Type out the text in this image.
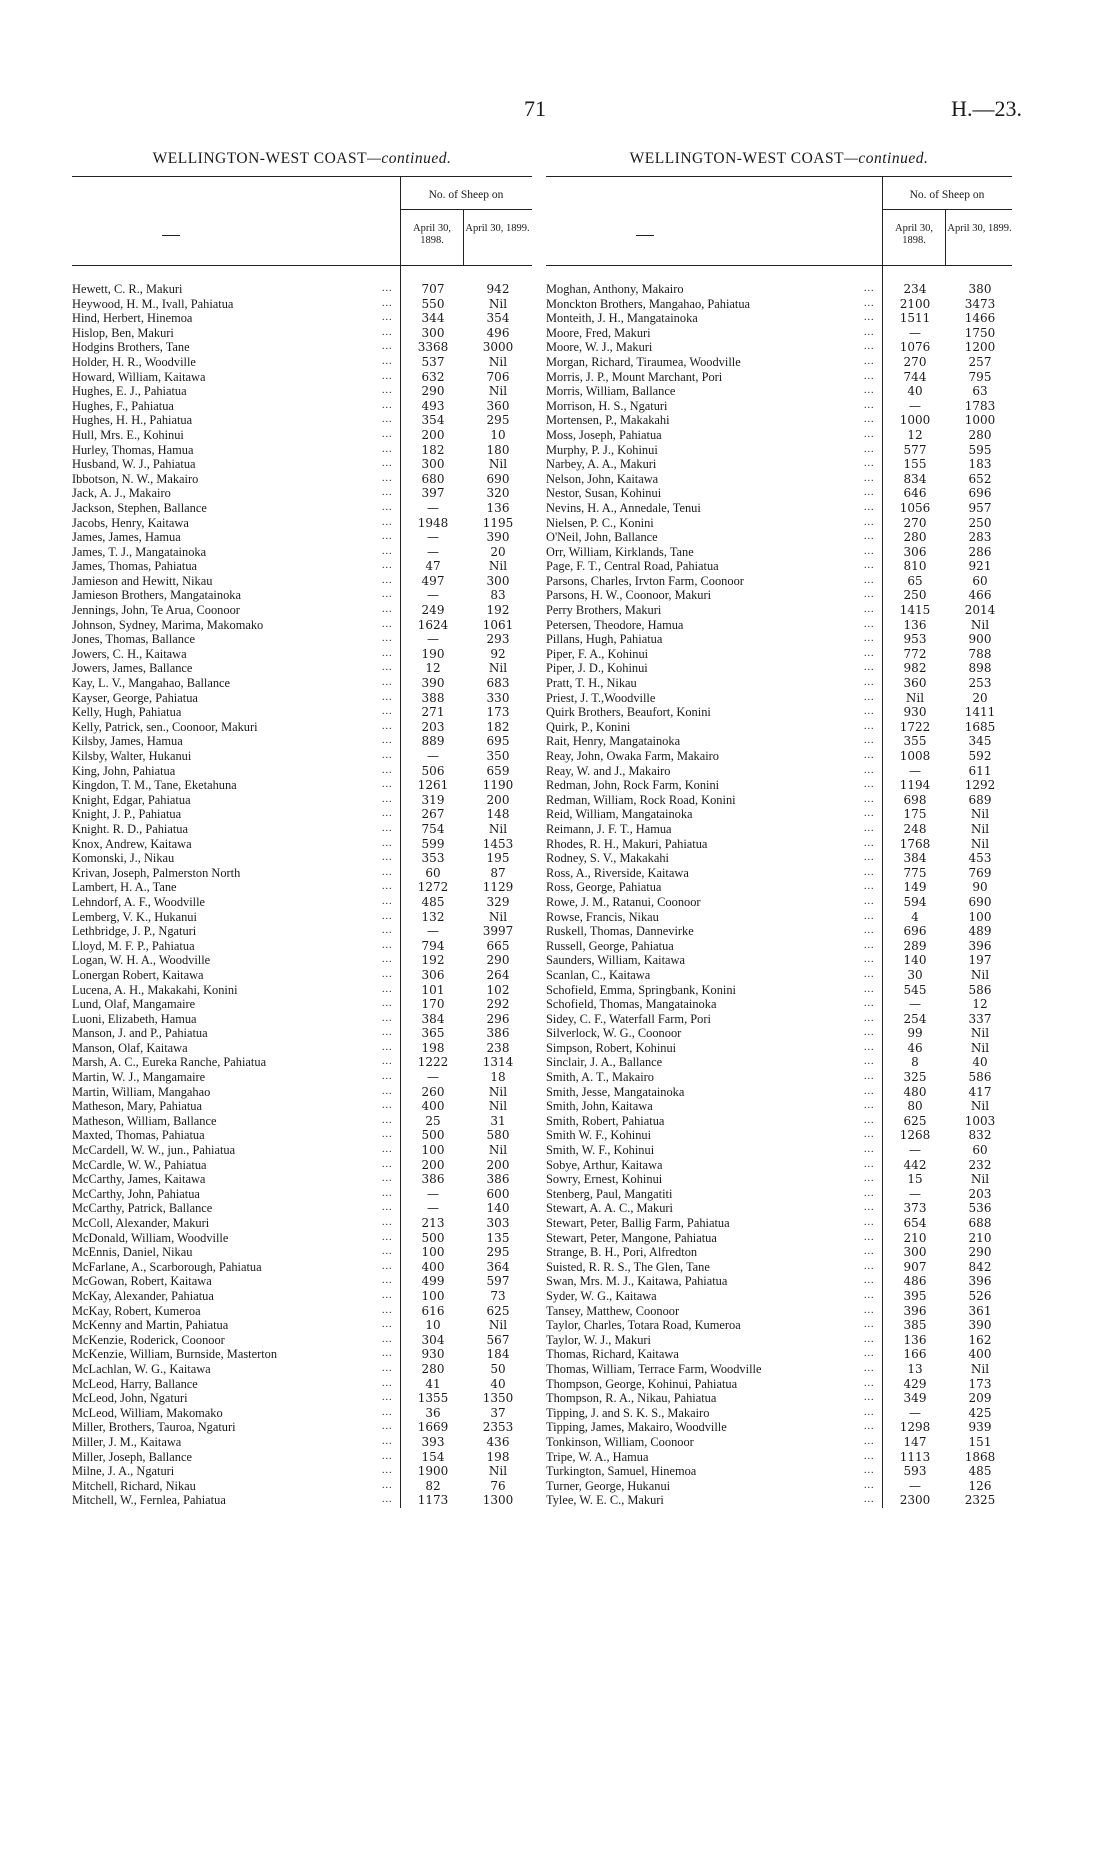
71	H.—23.
WELLINGTON-WEST COAST—continued.
No. of Sheep on
April 30, 1898.
April 30, 1899.
Hewett, C. R., Makuri	...	707	942
Heywood, H. M., Ivall, Pahiatua	...	550	Nil
Hind, Herbert, Hinemoa	...	344	354
Hislop, Ben, Makuri	...	300	496
Hodgins Brothers, Tane	...	3368	3000
Holder, H. R., Woodville	...	537	Nil
Howard, William, Kaitawa	...	632	706
Hughes, E. J., Pahiatua	...	290	Nil
Hughes, F., Pahiatua	...	493	360
Hughes, H. H., Pahiatua	...	354	295
Hull, Mrs. E., Kohinui	...	200	10
Hurley, Thomas, Hamua	...	182	180
Husband, W. J., Pahiatua	...	300	Nil
Ibbotson, N. W., Makairo	...	680	690
Jack, A. J., Makairo	...	397	320
Jackson, Stephen, Ballance	...	—	136
Jacobs, Henry, Kaitawa	...	1948	1195
James, James, Hamua	...	—	390
James, T. J., Mangatainoka	...	—	20
James, Thomas, Pahiatua	...	47	Nil
Jamieson and Hewitt, Nikau	...	497	300
Jamieson Brothers, Mangatainoka	...	—	83
Jennings, John, Te Arua, Coonoor	...	249	192
Johnson, Sydney, Marima, Makomako	...	1624	1061
Jones, Thomas, Ballance	...	—	293
Jowers, C. H., Kaitawa	...	190	92
Jowers, James, Ballance	...	12	Nil
Kay, L. V., Mangahao, Ballance	...	390	683
Kayser, George, Pahiatua	...	388	330
Kelly, Hugh, Pahiatua	...	271	173
Kelly, Patrick, sen., Coonoor, Makuri	...	203	182
Kilsby, James, Hamua	...	889	695
Kilsby, Walter, Hukanui	...	—	350
King, John, Pahiatua	...	506	659
Kingdon, T. M., Tane, Eketahuna	...	1261	1190
Knight, Edgar, Pahiatua	...	319	200
Knight, J. P., Pahiatua	...	267	148
Knight. R. D., Pahiatua	...	754	Nil
Knox, Andrew, Kaitawa	...	599	1453
Komonski, J., Nikau	...	353	195
Krivan, Joseph, Palmerston North	...	60	87
Lambert, H. A., Tane	...	1272	1129
Lehndorf, A. F., Woodville	...	485	329
Lemberg, V. K., Hukanui	...	132	Nil
Lethbridge, J. P., Ngaturi	...	—	3997
Lloyd, M. F. P., Pahiatua	...	794	665
Logan, W. H. A., Woodville	...	192	290
Lonergan Robert, Kaitawa	...	306	264
Lucena, A. H., Makakahi, Konini	...	101	102
Lund, Olaf, Mangamaire	...	170	292
Luoni, Elizabeth, Hamua	...	384	296
Manson, J. and P., Pahiatua	...	365	386
Manson, Olaf, Kaitawa	...	198	238
Marsh, A. C., Eureka Ranche, Pahiatua	...	1222	1314
Martin, W. J., Mangamaire	...	—	18
Martin, William, Mangahao	...	260	Nil
Matheson, Mary, Pahiatua	...	400	Nil
Matheson, William, Ballance	...	25	31
Maxted, Thomas, Pahiatua	...	500	580
McCardell, W. W., jun., Pahiatua	...	100	Nil
McCardle, W. W., Pahiatua	...	200	200
McCarthy, James, Kaitawa	...	386	386
McCarthy, John, Pahiatua	...	—	600
McCarthy, Patrick, Ballance	...	—	140
McColl, Alexander, Makuri	...	213	303
McDonald, William, Woodville	...	500	135
McEnnis, Daniel, Nikau	...	100	295
McFarlane, A., Scarborough, Pahiatua	...	400	364
McGowan, Robert, Kaitawa	...	499	597
McKay, Alexander, Pahiatua	...	100	73
McKay, Robert, Kumeroa	...	616	625
McKenny and Martin, Pahiatua	...	10	Nil
McKenzie, Roderick, Coonoor	...	304	567
McKenzie, William, Burnside, Masterton	...	930	184
McLachlan, W. G., Kaitawa	...	280	50
McLeod, Harry, Ballance	...	41	40
McLeod, John, Ngaturi	...	1355	1350
McLeod, William, Makomako	...	36	37
Miller, Brothers, Tauroa, Ngaturi	...	1669	2353
Miller, J. M., Kaitawa	...	393	436
Miller, Joseph, Ballance	...	154	198
Milne, J. A., Ngaturi	...	1900	Nil
Mitchell, Richard, Nikau	...	82	76
Mitchell, W., Fernlea, Pahiatua	...	1173	1300
WELLINGTON-WEST COAST—continued.
No. of Sheep on
April 30, 1898.
April 30, 1899.
Moghan, Anthony, Makairo	...	234	380
Monckton Brothers, Mangahao, Pahiatua	...	2100	3473
Monteith, J. H., Mangatainoka	...	1511	1466
Moore, Fred, Makuri	...	—	1750
Moore, W. J., Makuri	...	1076	1200
Morgan, Richard, Tiraumea, Woodville	...	270	257
Morris, J. P., Mount Marchant, Pori	...	744	795
Morris, William, Ballance	...	40	63
Morrison, H. S., Ngaturi	...	—	1783
Mortensen, P., Makakahi	...	1000	1000
Moss, Joseph, Pahiatua	...	12	280
Murphy, P. J., Kohinui	...	577	595
Narbey, A. A., Makuri	...	155	183
Nelson, John, Kaitawa	...	834	652
Nestor, Susan, Kohinui	...	646	696
Nevins, H. A., Annedale, Tenui	...	1056	957
Nielsen, P. C., Konini	...	270	250
O'Neil, John, Ballance	...	280	283
Orr, William, Kirklands, Tane	...	306	286
Page, F. T., Central Road, Pahiatua	...	810	921
Parsons, Charles, Irvton Farm, Coonoor	...	65	60
Parsons, H. W., Coonoor, Makuri	...	250	466
Perry Brothers, Makuri	...	1415	2014
Petersen, Theodore, Hamua	...	136	Nil
Pillans, Hugh, Pahiatua	...	953	900
Piper, F. A., Kohinui	...	772	788
Piper, J. D., Kohinui	...	982	898
Pratt, T. H., Nikau	...	360	253
Priest, J. T.,Woodville	...	Nil	20
Quirk Brothers, Beaufort, Konini	...	930	1411
Quirk, P., Konini	...	1722	1685
Rait, Henry, Mangatainoka	...	355	345
Reay, John, Owaka Farm, Makairo	...	1008	592
Reay, W. and J., Makairo	...	—	611
Redman, John, Rock Farm, Konini	...	1194	1292
Redman, William, Rock Road, Konini	...	698	689
Reid, William, Mangatainoka	...	175	Nil
Reimann, J. F. T., Hamua	...	248	Nil
Rhodes, R. H., Makuri, Pahiatua	...	1768	Nil
Rodney, S. V., Makakahi	...	384	453
Ross, A., Riverside, Kaitawa	...	775	769
Ross, George, Pahiatua	...	149	90
Rowe, J. M., Ratanui, Coonoor	...	594	690
Rowse, Francis, Nikau	...	4	100
Ruskell, Thomas, Dannevirke	...	696	489
Russell, George, Pahiatua	...	289	396
Saunders, William, Kaitawa	...	140	197
Scanlan, C., Kaitawa	...	30	Nil
Schofield, Emma, Springbank, Konini	...	545	586
Schofield, Thomas, Mangatainoka	...	—	12
Sidey, C. F., Waterfall Farm, Pori	...	254	337
Silverlock, W. G., Coonoor	...	99	Nil
Simpson, Robert, Kohinui	...	46	Nil
Sinclair, J. A., Ballance	...	8	40
Smith, A. T., Makairo	...	325	586
Smith, Jesse, Mangatainoka	...	480	417
Smith, John, Kaitawa	...	80	Nil
Smith, Robert, Pahiatua	...	625	1003
Smith W. F., Kohinui	...	1268	832
Smith, W. F., Kohinui	...	—	60
Sobye, Arthur, Kaitawa	...	442	232
Sowry, Ernest, Kohinui	...	15	Nil
Stenberg, Paul, Mangatiti	...	—	203
Stewart, A. A. C., Makuri	...	373	536
Stewart, Peter, Ballig Farm, Pahiatua	...	654	688
Stewart, Peter, Mangone, Pahiatua	...	210	210
Strange, B. H., Pori, Alfredton	...	300	290
Suisted, R. R. S., The Glen, Tane	...	907	842
Swan, Mrs. M. J., Kaitawa, Pahiatua	...	486	396
Syder, W. G., Kaitawa	...	395	526
Tansey, Matthew, Coonoor	...	396	361
Taylor, Charles, Totara Road, Kumeroa	...	385	390
Taylor, W. J., Makuri	...	136	162
Thomas, Richard, Kaitawa	...	166	400
Thomas, William, Terrace Farm, Woodville	...	13	Nil
Thompson, George, Kohinui, Pahiatua	...	429	173
Thompson, R. A., Nikau, Pahiatua	...	349	209
Tipping, J. and S. K. S., Makairo	...	—	425
Tipping, James, Makairo, Woodville	...	1298	939
Tonkinson, William, Coonoor	...	147	151
Tripe, W. A., Hamua	...	1113	1868
Turkington, Samuel, Hinemoa	...	593	485
Turner, George, Hukanui	...	—	126
Tylee, W. E. C., Makuri	...	2300	2325
